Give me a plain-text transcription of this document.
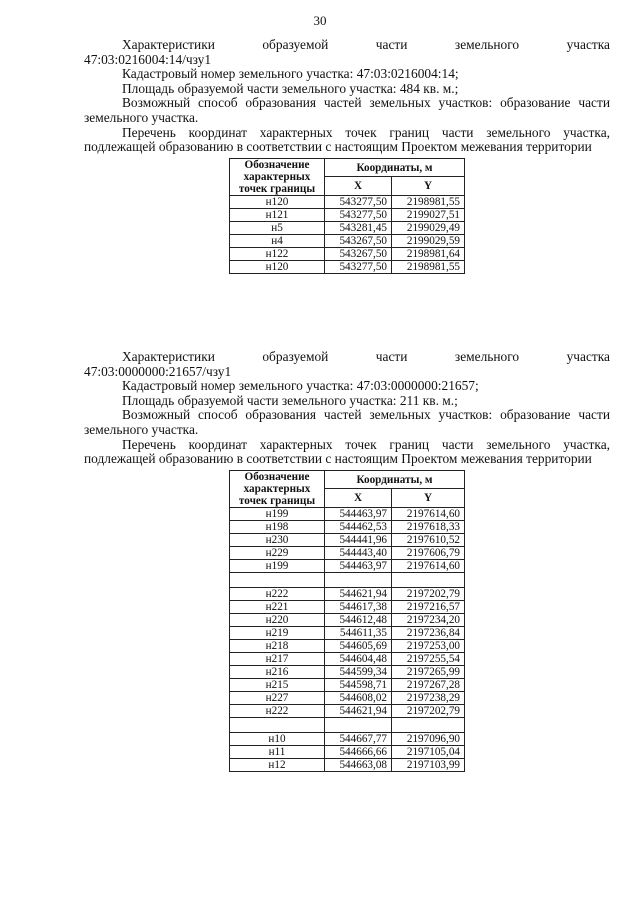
30

Характеристики образуемой части земельного участка

47:03:0216004:14/чзу1

Кадастровый номер земельного участка: 47:03:0216004:14;

Площадь образуемой части земельного участка: 484 кв. м.;

Возможный способ образования частей земельных участков: образование части земельного участка.

Перечень координат характерных точек границ части земельного участка, подлежащей образованию в соответствии с настоящим Проектом межевания территории

Обозначение характерных точек границы	Координаты, м	
	X	Y
н120	543277,50	2198981,55
н121	543277,50	2199027,51
н5	543281,45	2199029,49
н4	543267,50	2199029,59
н122	543267,50	2198981,64
н120	543277,50	2198981,55

Характеристики образуемой части земельного участка

47:03:0000000:21657/чзу1

Кадастровый номер земельного участка: 47:03:0000000:21657;

Площадь образуемой части земельного участка: 211 кв. м.;

Возможный способ образования частей земельных участков: образование части земельного участка.

Перечень координат характерных точек границ части земельного участка, подлежащей образованию в соответствии с настоящим Проектом межевания территории

Обозначение характерных точек границы	Координаты, м	
	X	Y
н199	544463,97	2197614,60
н198	544462,53	2197618,33
н230	544441,96	2197610,52
н229	544443,40	2197606,79
н199	544463,97	2197614,60

н222	544621,94	2197202,79
н221	544617,38	2197216,57
н220	544612,48	2197234,20
н219	544611,35	2197236,84
н218	544605,69	2197253,00
н217	544604,48	2197255,54
н216	544599,34	2197265,99
н215	544598,71	2197267,28
н227	544608,02	2197238,29
н222	544621,94	2197202,79

н10	544667,77	2197096,90
н11	544666,66	2197105,04
н12	544663,08	2197103,99
